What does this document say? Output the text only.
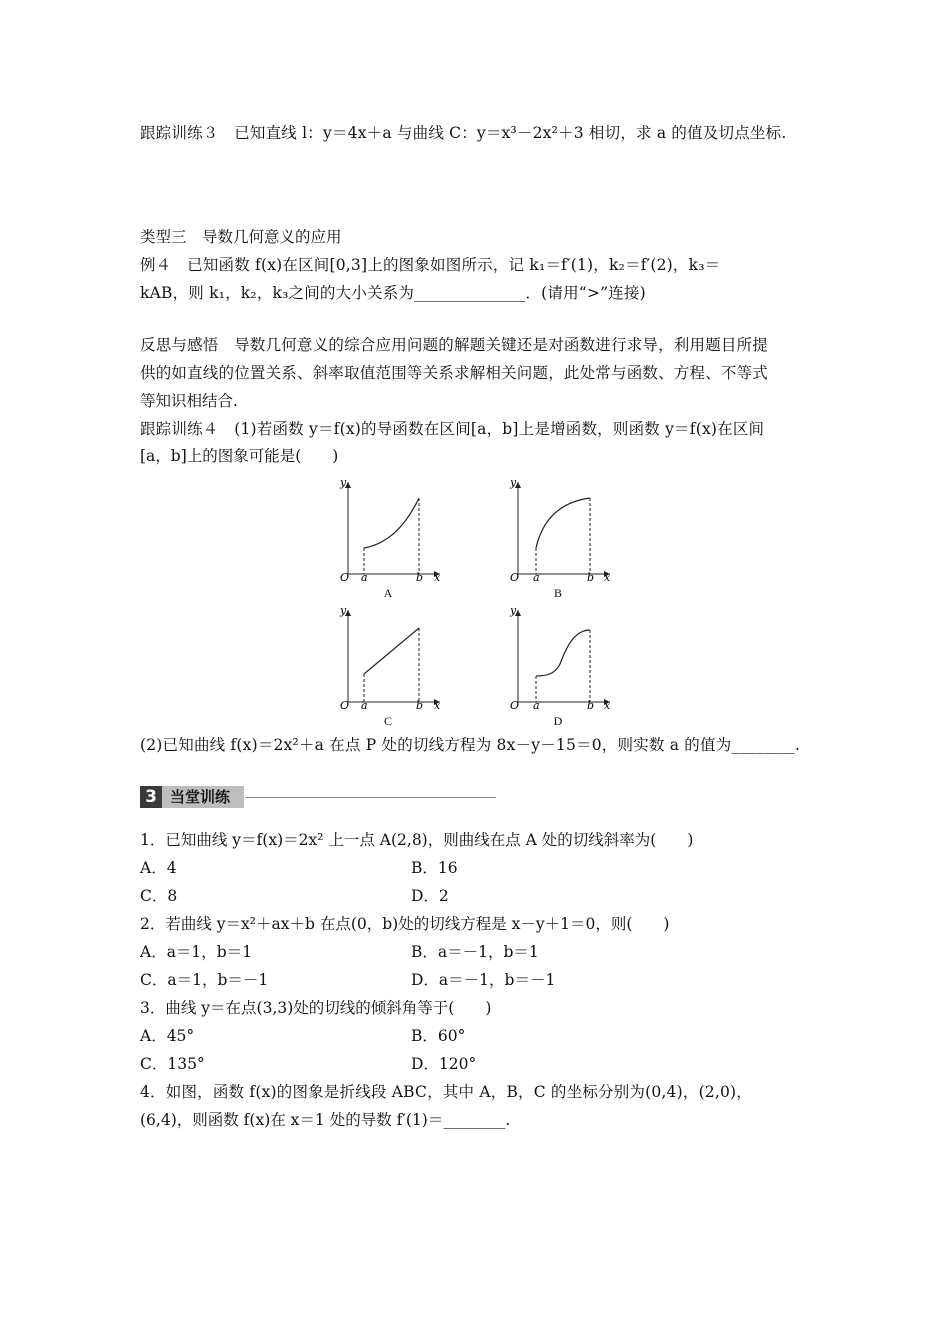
跟踪训练３　已知直线 l：y＝4x＋a 与曲线 C：y＝x³－2x²＋3 相切，求 a 的值及切点坐标.
类型三　导数几何意义的应用
例４　已知函数 f(x)在区间[0,3]上的图象如图所示，记 k₁＝f′(1)，k₂＝f′(2)，k₃＝
kAB，则 k₁，k₂，k₃之间的大小关系为______________．(请用“>”连接)
反思与感悟　导数几何意义的综合应用问题的解题关键还是对函数进行求导，利用题目所提
供的如直线的位置关系、斜率取值范围等关系求解相关问题，此处常与函数、方程、不等式
等知识相结合.
跟踪训练４　(1)若函数 y＝f(x)的导函数在区间[a，b]上是增函数，则函数 y＝f(x)在区间
[a，b]上的图象可能是(　　)
y
O a	b x
A
y
O a	b x
B
y
O a	b x
C
y
O a	b x
D
(2)已知曲线 f(x)＝2x²＋a 在点 P 处的切线方程为 8x－y－15＝0，则实数 a 的值为________.
3 当堂训练
1．已知曲线 y＝f(x)＝2x² 上一点 A(2,8)，则曲线在点 A 处的切线斜率为(　　)
A．4	B．16
C．8	D．2
2．若曲线 y＝x²＋ax＋b 在点(0，b)处的切线方程是 x－y＋1＝0，则(　　)
A．a＝1，b＝1	B．a＝－1，b＝1
C．a＝1，b＝－1	D．a＝－1，b＝－1
3．曲线 y＝在点(3,3)处的切线的倾斜角等于(　　)
A．45°	B．60°
C．135°	D．120°
4．如图，函数 f(x)的图象是折线段 ABC，其中 A，B，C 的坐标分别为(0,4)，(2,0)，
(6,4)，则函数 f(x)在 x＝1 处的导数 f′(1)＝________.
